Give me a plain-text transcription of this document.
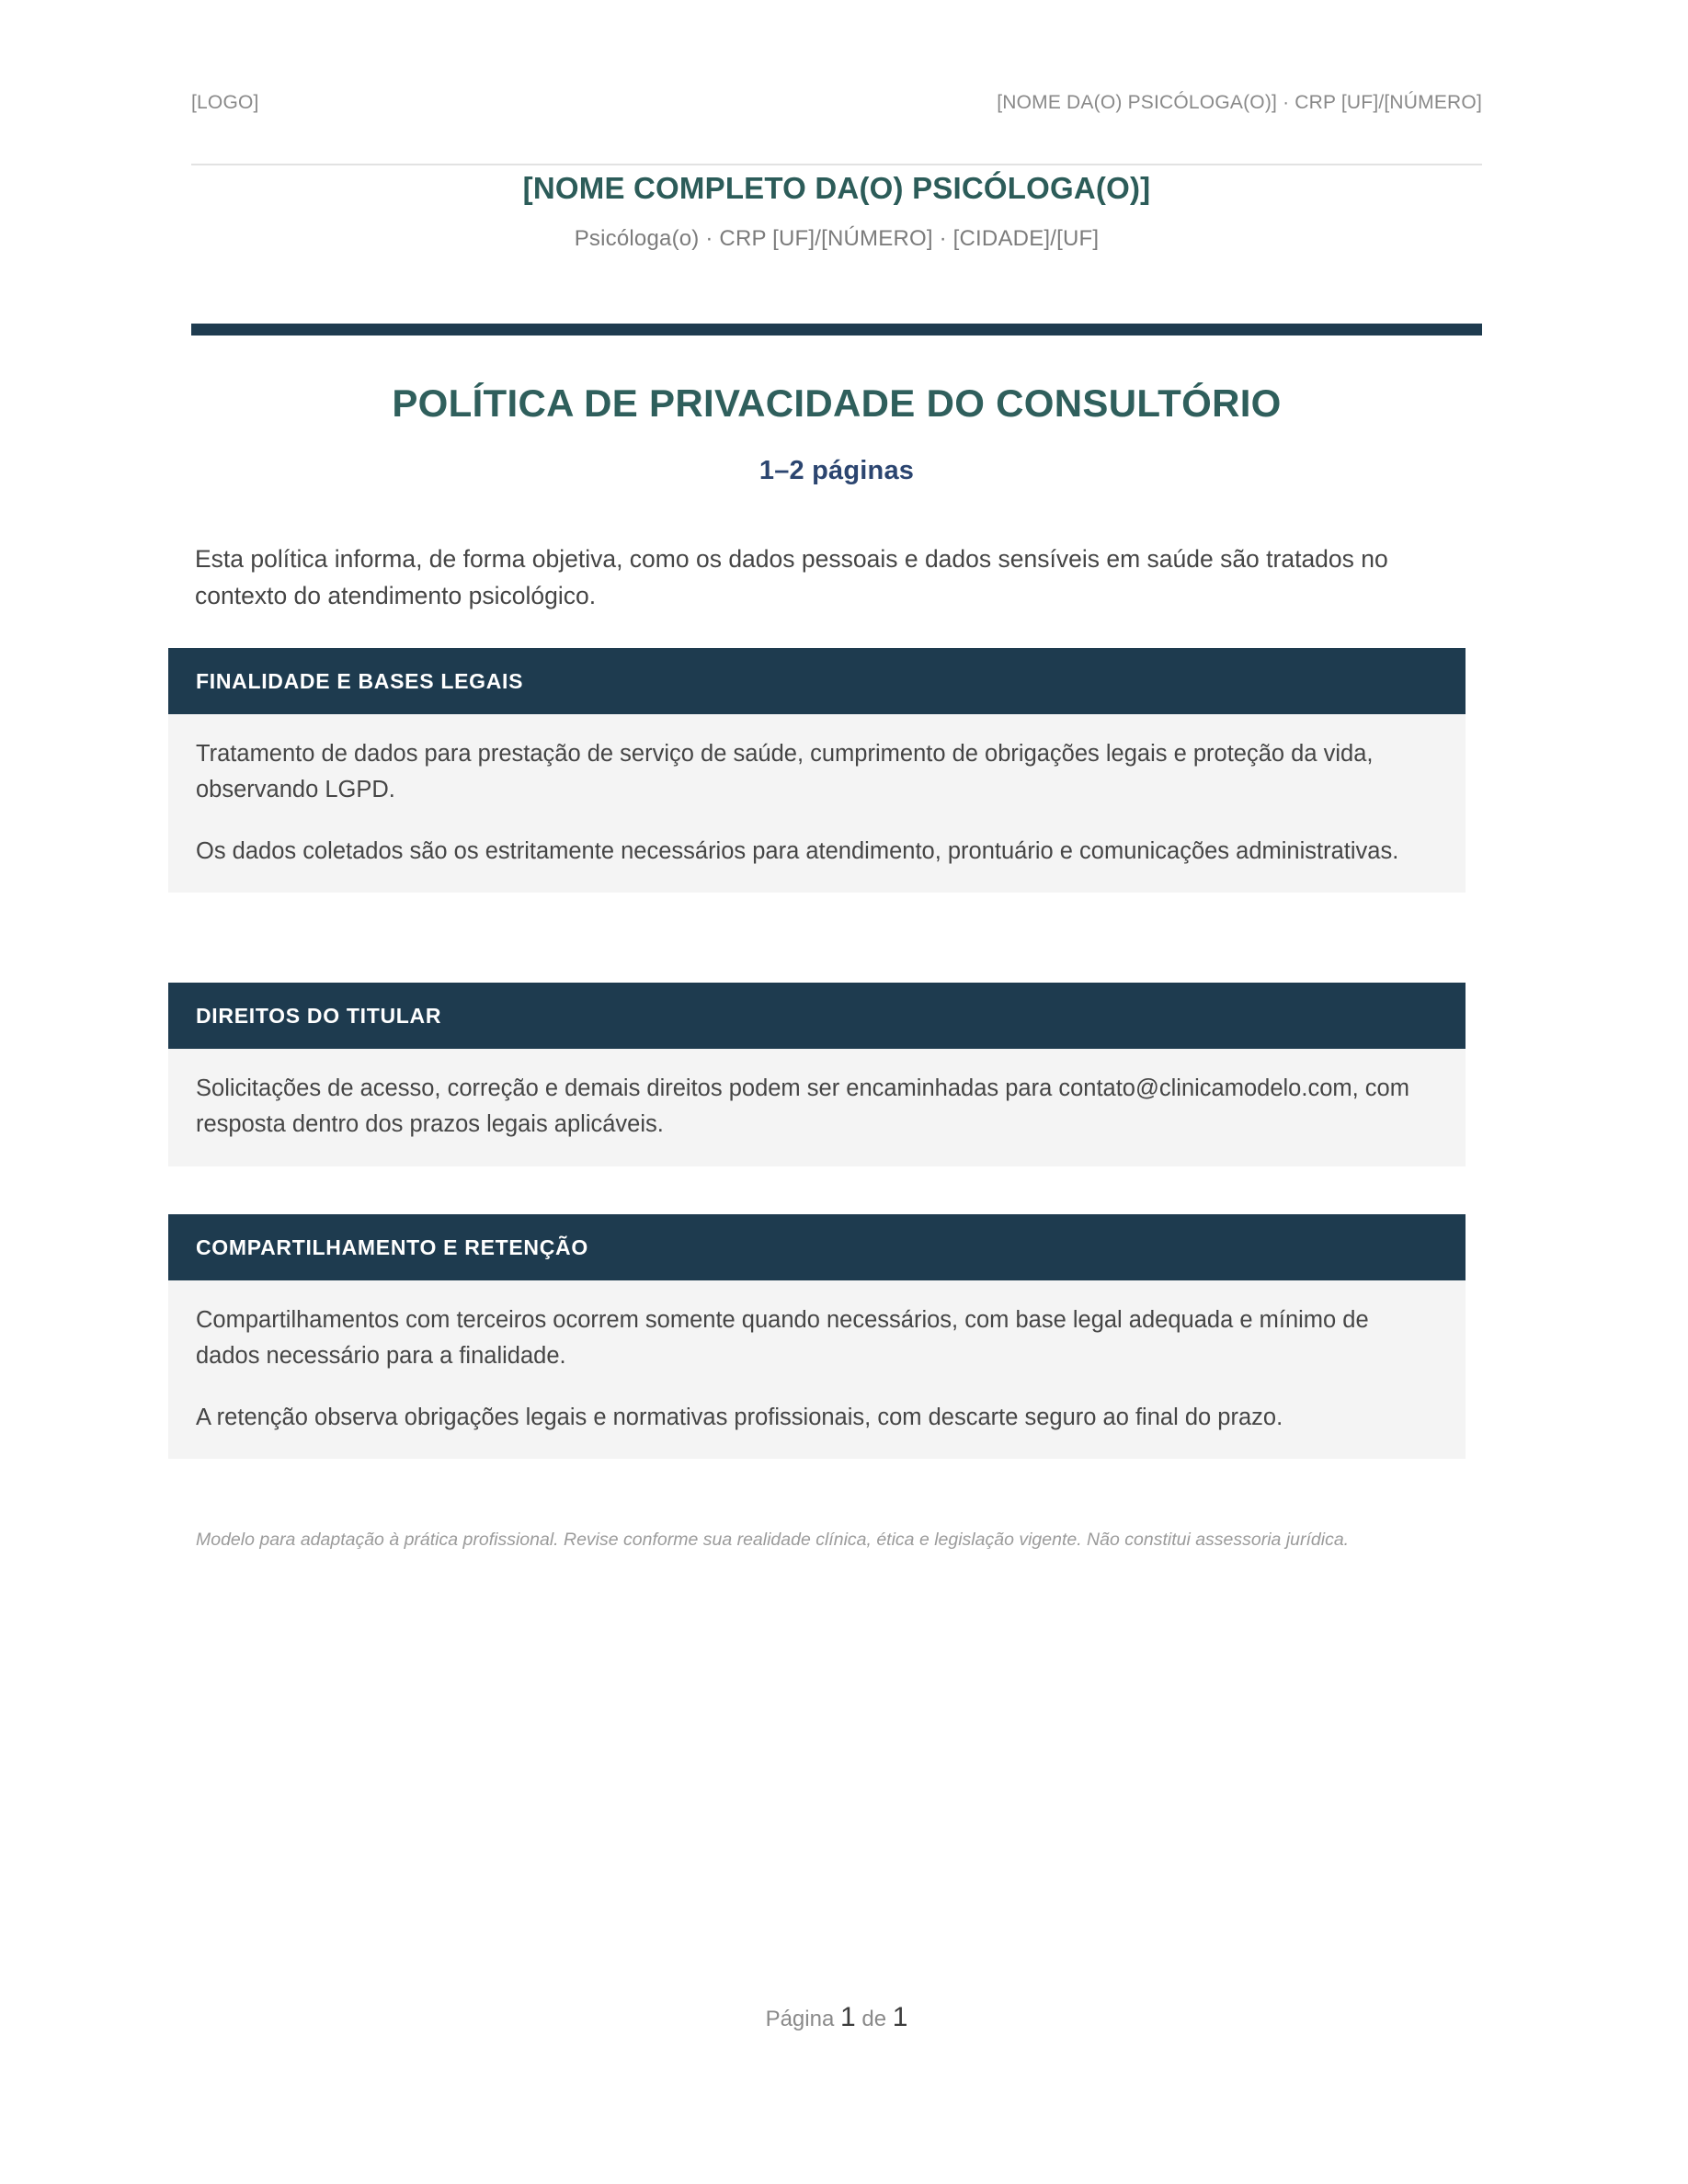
[LOGO]	[NOME DA(O) PSICÓLOGA(O)] · CRP [UF]/[NÚMERO]
[NOME COMPLETO DA(O) PSICÓLOGA(O)]
Psicóloga(o) · CRP [UF]/[NÚMERO] · [CIDADE]/[UF]
POLÍTICA DE PRIVACIDADE DO CONSULTÓRIO
1–2 páginas
Esta política informa, de forma objetiva, como os dados pessoais e dados sensíveis em saúde são tratados no contexto do atendimento psicológico.
FINALIDADE E BASES LEGAIS

Tratamento de dados para prestação de serviço de saúde, cumprimento de obrigações legais e proteção da vida, observando LGPD.

Os dados coletados são os estritamente necessários para atendimento, prontuário e comunicações administrativas.

DIREITOS DO TITULAR

Solicitações de acesso, correção e demais direitos podem ser encaminhadas para contato@clinicamodelo.com, com resposta dentro dos prazos legais aplicáveis.

COMPARTILHAMENTO E RETENÇÃO

Compartilhamentos com terceiros ocorrem somente quando necessários, com base legal adequada e mínimo de dados necessário para a finalidade.

A retenção observa obrigações legais e normativas profissionais, com descarte seguro ao final do prazo.

Modelo para adaptação à prática profissional. Revise conforme sua realidade clínica, ética e legislação vigente. Não constitui assessoria jurídica.
Página 1 de 1
